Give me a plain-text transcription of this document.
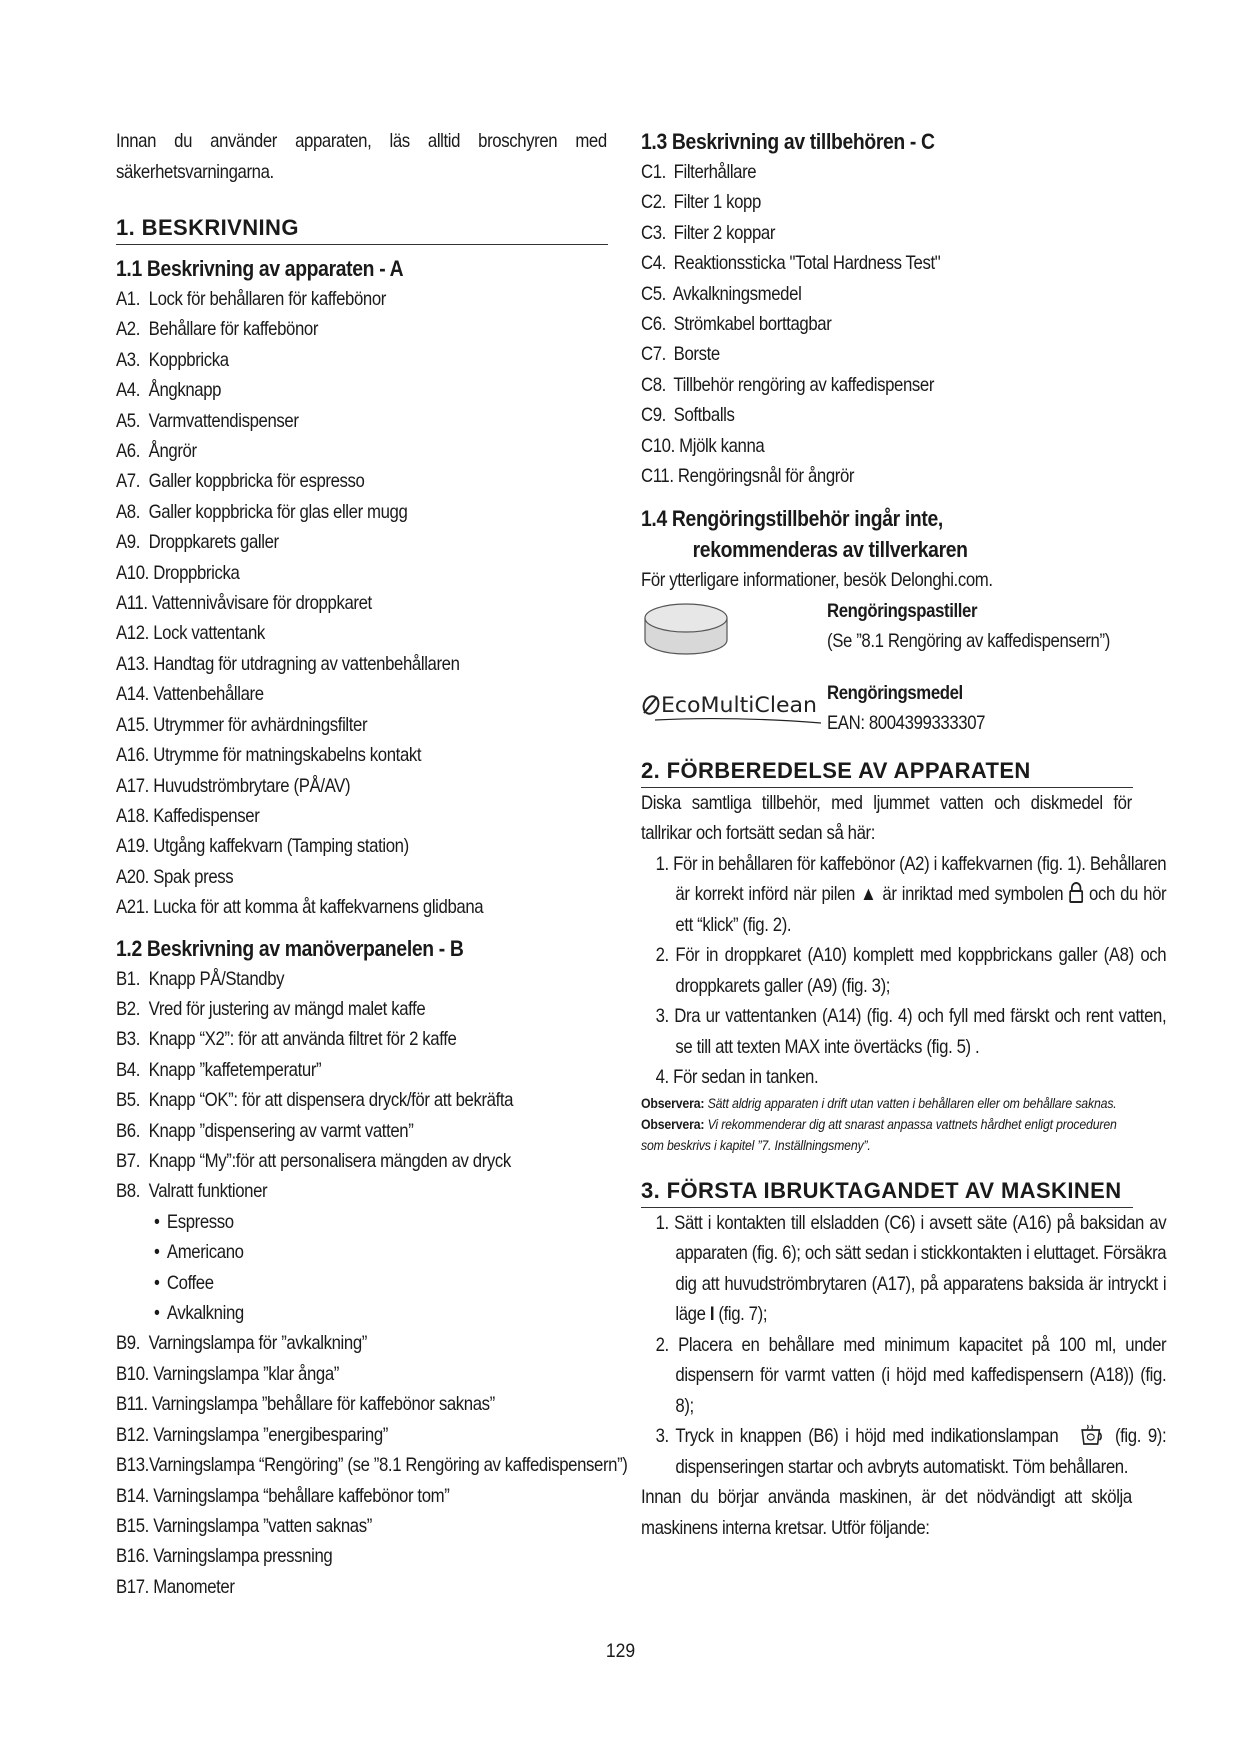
Innan du använder apparaten, läs alltid broschyren med säkerhetsvarningarna.

1. BESKRIVNING
1.1 Beskrivning av apparaten - A
A1. Lock för behållaren för kaffebönor
A2. Behållare för kaffebönor
A3. Koppbricka
A4. Ångknapp
A5. Varmvattendispenser
A6. Ångrör
A7. Galler koppbricka för espresso
A8. Galler koppbricka för glas eller mugg
A9. Droppkarets galler
A10. Droppbricka
A11. Vattennivåvisare för droppkaret
A12. Lock vattentank
A13. Handtag för utdragning av vattenbehållaren
A14. Vattenbehållare
A15. Utrymmer för avhärdningsfilter
A16. Utrymme för matningskabelns kontakt
A17. Huvudströmbrytare (PÅ/AV)
A18. Kaffedispenser
A19. Utgång kaffekvarn (Tamping station)
A20. Spak press
A21. Lucka för att komma åt kaffekvarnens glidbana
1.2 Beskrivning av manöverpanelen - B
B1. Knapp PÅ/Standby
B2. Vred för justering av mängd malet kaffe
B3. Knapp “X2”: för att använda filtret för 2 kaffe
B4. Knapp ”kaffetemperatur”
B5. Knapp “OK”: för att dispensera dryck/för att bekräfta
B6. Knapp ”dispensering av varmt vatten”
B7. Knapp “My”:för att personalisera mängden av dryck
B8. Valratt funktioner
• Espresso
• Americano
• Coffee
• Avkalkning
B9. Varningslampa för ”avkalkning”
B10. Varningslampa ”klar ånga”
B11. Varningslampa ”behållare för kaffebönor saknas”
B12. Varningslampa ”energibesparing”

B13.Varningslampa “Rengöring” (se ”8.1 Rengöring av kaffedispensern”)

B14. Varningslampa “behållare kaffebönor tom”
B15. Varningslampa ”vatten saknas”
B16. Varningslampa pressning
B17. Manometer
1.3 Beskrivning av tillbehören - C
C1. Filterhållare
C2. Filter 1 kopp
C3. Filter 2 koppar
C4. Reaktionssticka "Total Hardness Test"
C5. Avkalkningsmedel
C6. Strömkabel borttagbar
C7. Borste
C8. Tillbehör rengöring av kaffedispenser
C9. Softballs
C10. Mjölk kanna
C11. Rengöringsnål för ångrör
1.4 Rengöringstillbehör ingår inte,
rekommenderas av tillverkaren

För ytterligare informationer, besök Delonghi.com.

Rengöringspastiller

(Se ”8.1 Rengöring av kaffedispensern”)

EcoMultiClean Rengöringsmedel

EAN: 8004399333307

2. FÖRBEREDELSE AV APPARATEN

Diska samtliga tillbehör, med ljummet vatten och diskmedel för tallrikar och fortsätt sedan så här:

1. För in behållaren för kaffebönor (A2) i kaffekvarnen (fig. 1). Behållaren är korrekt införd när pilen ▲ är inriktad med symbolen och du hör ett “klick” (fig. 2).

2. För in droppkaret (A10) komplett med koppbrickans galler (A8) och droppkarets galler (A9) (fig. 3);

3. Dra ur vattentanken (A14) (fig. 4) och fyll med färskt och rent vatten, se till att texten MAX inte övertäcks (fig. 5) .

4. För sedan in tanken.

Observera: Sätt aldrig apparaten i drift utan vatten i behållaren eller om behållare saknas.

Observera: Vi rekommenderar dig att snarast anpassa vattnets hårdhet enligt proceduren som beskrivs i kapitel ”7. Inställningsmeny”.

3. FÖRSTA IBRUKTAGANDET AV MASKINEN

1. Sätt i kontakten till elsladden (C6) i avsett säte (A16) på baksidan av apparaten (fig. 6); och sätt sedan i stickkontakten i eluttaget. Försäkra dig att huvudströmbrytaren (A17), på apparatens baksida är intryckt i läge I (fig. 7);

2. Placera en behållare med minimum kapacitet på 100 ml, under dispensern för varmt vatten (i höjd med kaffedispensern (A18)) (fig. 8);

3. Tryck in knappen (B6) i höjd med indikationslampan	(fig. 9): dispenseringen startar och avbryts automatiskt. Töm behållaren.

Innan du börjar använda maskinen, är det nödvändigt att skölja maskinens interna kretsar. Utför följande:

129
